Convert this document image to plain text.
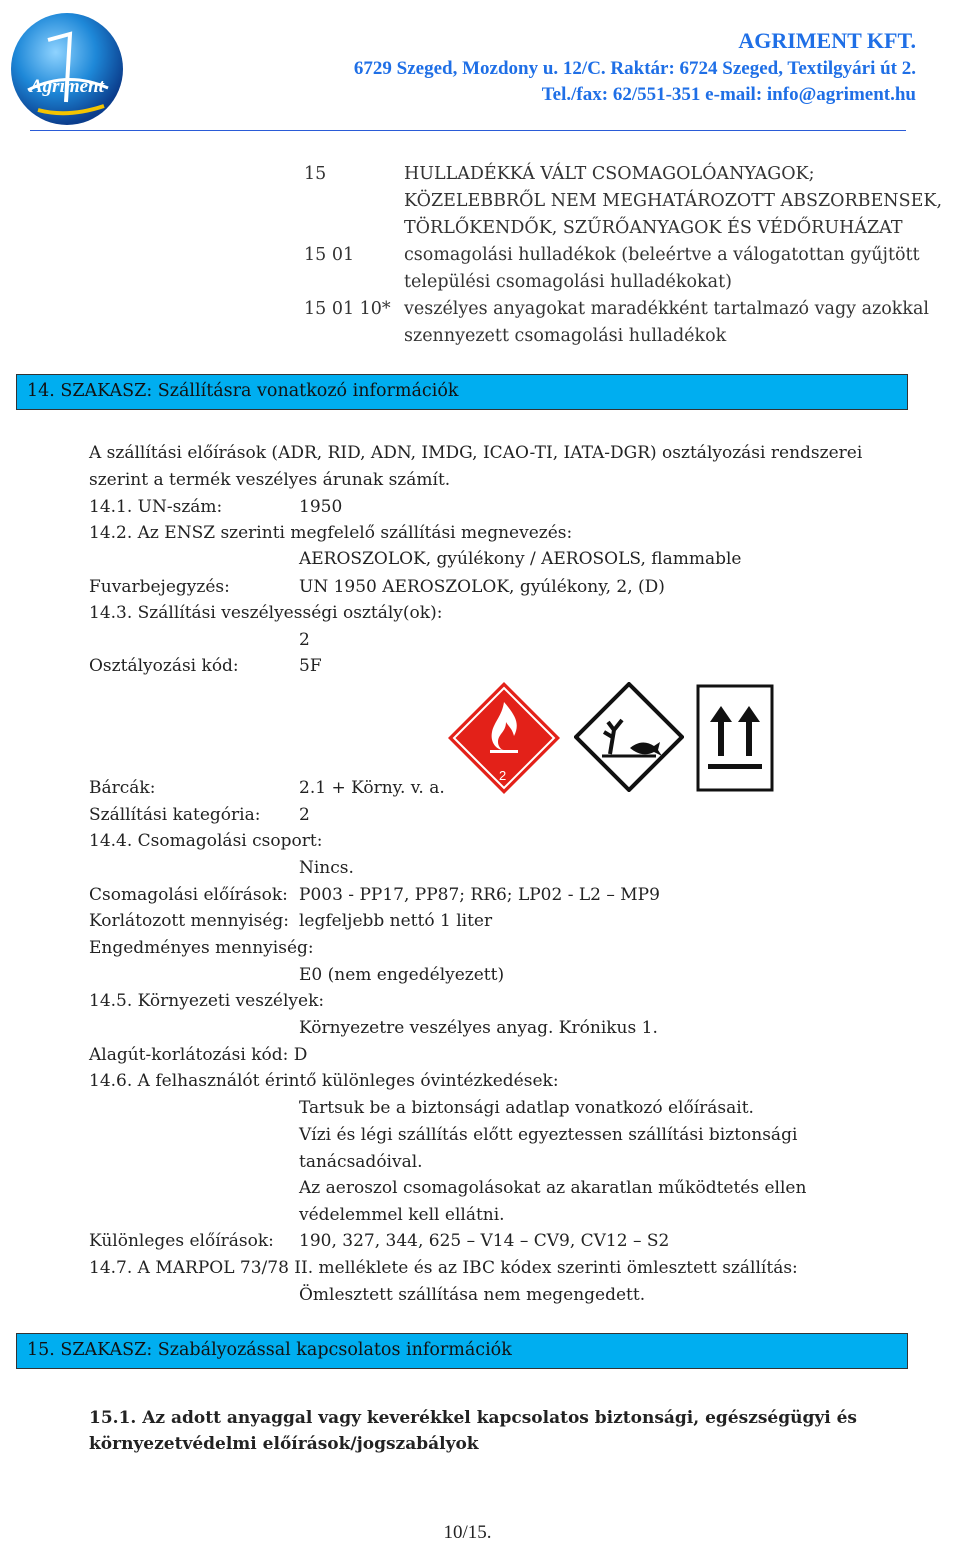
Agriment
AGRIMENT KFT.
6729 Szeged, Mozdony u. 12/C. Raktár: 6724 Szeged, Textilgyári út 2.
Tel./fax: 62/551-351 e-mail: info@agriment.hu
15	HULLADÉKKÁ VÁLT CSOMAGOLÓANYAGOK;
KÖZELEBBRŐL NEM MEGHATÁROZOTT ABSZORBENSEK,
TÖRLŐKENDŐK, SZŰRŐANYAGOK ÉS VÉDŐRUHÁZAT
15 01	csomagolási hulladékok (beleértve a válogatottan gyűjtött
települési csomagolási hulladékokat)
15 01 10* veszélyes anyagokat maradékként tartalmazó vagy azokkal
szennyezett csomagolási hulladékok
14. SZAKASZ: Szállításra vonatkozó információk
A szállítási előírások (ADR, RID, ADN, IMDG, ICAO-TI, IATA-DGR) osztályozási rendszerei
szerint a termék veszélyes árunak számít.
14.1. UN-szám:	1950
14.2. Az ENSZ szerinti megfelelő szállítási megnevezés:
AEROSZOLOK, gyúlékony / AEROSOLS, flammable
Fuvarbejegyzés:	UN 1950 AEROSZOLOK, gyúlékony, 2, (D)
14.3. Szállítási veszélyességi osztály(ok):
2
Osztályozási kód:	5F
2
Bárcák:	2.1 + Körny. v. a.
Szállítási kategória: 2
14.4. Csomagolási csoport:
Nincs.
Csomagolási előírások: P003 - PP17, PP87; RR6; LP02 - L2 – MP9
Korlátozott mennyiség: legfeljebb nettó 1 liter
Engedményes mennyiség:
E0 (nem engedélyezett)
14.5. Környezeti veszélyek:
Környezetre veszélyes anyag. Krónikus 1.
Alagút-korlátozási kód: D
14.6. A felhasználót érintő különleges óvintézkedések:
Tartsuk be a biztonsági adatlap vonatkozó előírásait.
Vízi és légi szállítás előtt egyeztessen szállítási biztonsági
tanácsadóival.
Az aeroszol csomagolásokat az akaratlan működtetés ellen
védelemmel kell ellátni.
Különleges előírások: 190, 327, 344, 625 – V14 – CV9, CV12 – S2
14.7. A MARPOL 73/78 II. melléklete és az IBC kódex szerinti ömlesztett szállítás:
Ömlesztett szállítása nem megengedett.
15. SZAKASZ: Szabályozással kapcsolatos információk
15.1. Az adott anyaggal vagy keverékkel kapcsolatos biztonsági, egészségügyi és
környezetvédelmi előírások/jogszabályok
10/15.
